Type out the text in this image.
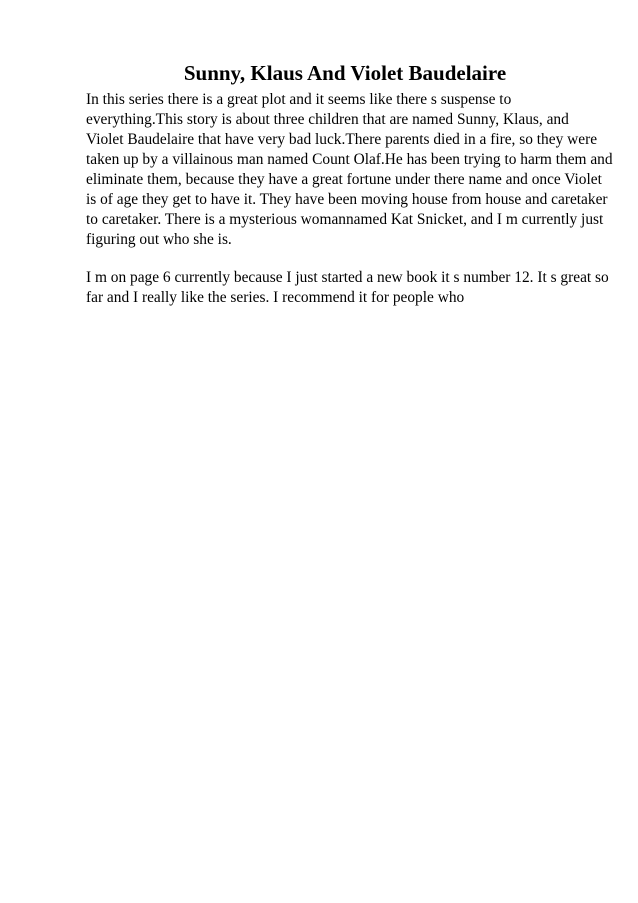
Sunny, Klaus And Violet Baudelaire

In this series there is a great plot and it seems like there s suspense to
everything.This story is about three children that are named Sunny, Klaus, and
Violet Baudelaire that have very bad luck.There parents died in a fire, so they were
taken up by a villainous man named Count Olaf.He has been trying to harm them and
eliminate them, because they have a great fortune under there name and once Violet
is of age they get to have it. They have been moving house from house and caretaker
to caretaker. There is a mysterious womannamed Kat Snicket, and I m currently just
figuring out who she is.

I m on page 6 currently because I just started a new book it s number 12. It s great so
far and I really like the series. I recommend it for people who
